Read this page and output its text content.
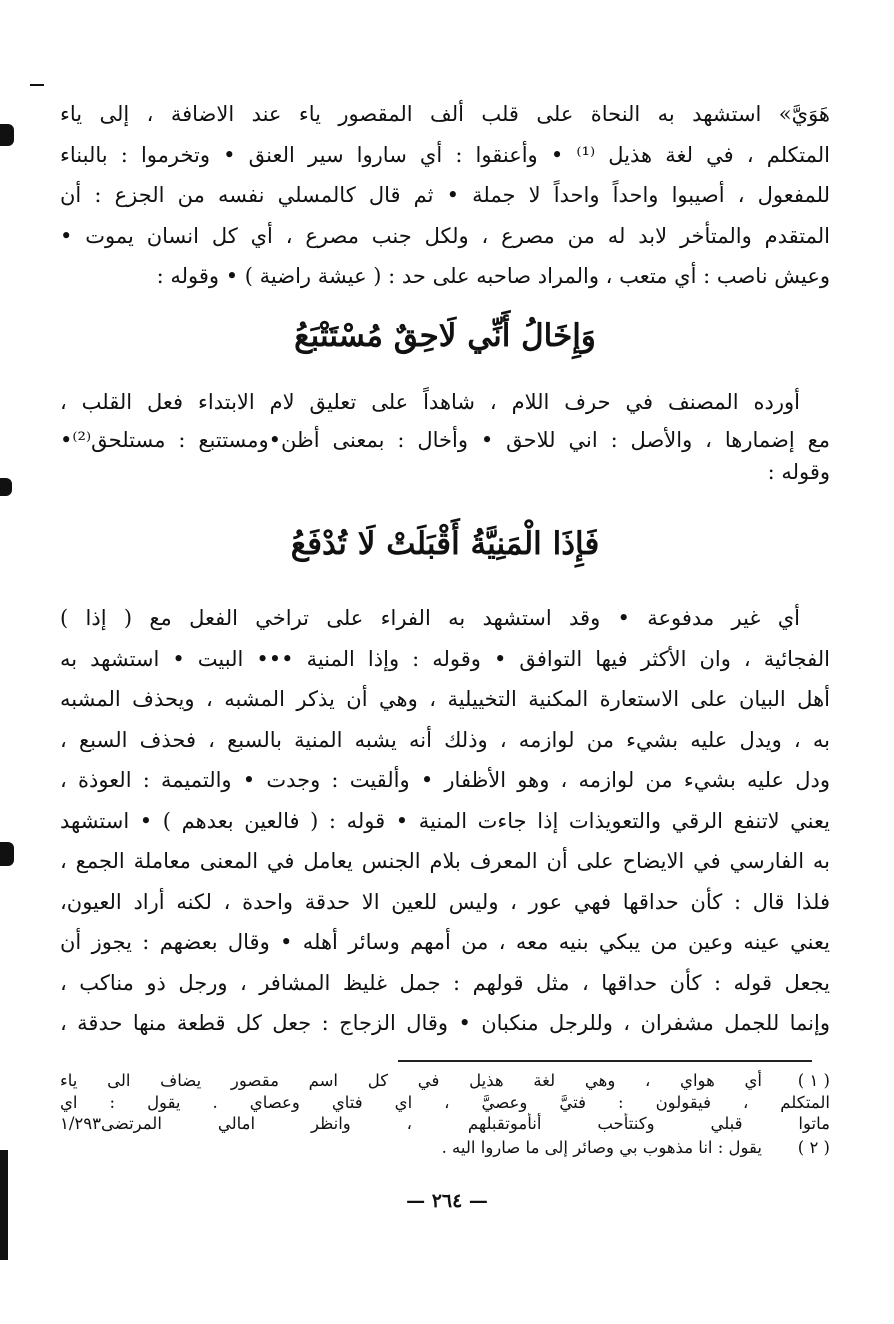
هَوَيَّ» استشهد به النحاة على قلب ألف المقصور ياء عند الاضافة ، إلى ياء
المتكلم ، في لغة هذيل ⁽¹⁾ • وأعنقوا : أي ساروا سير العنق • وتخرموا : بالبناء
للمفعول ، أصيبوا واحداً واحداً لا جملة • ثم قال كالمسلي نفسه من الجزع : أن
المتقدم والمتأخر لابد له من مصرع ، ولكل جنب مصرع ، أي كل انسان يموت •
وعيش ناصب : أي متعب ، والمراد صاحبه على حد : ( عيشة راضية ) • وقوله :
وَإِخَالُ أَنِّي لَاحِقٌ مُسْتَتْبَعُ
أورده المصنف في حرف اللام ، شاهداً على تعليق لام الابتداء فعل القلب ،
مع إضمارها ، والأصل : اني للاحق • وأخال : بمعنى أظن•ومستتبع : مستلحق⁽²⁾•
وقوله :
فَإِذَا الْمَنِيَّةُ أَقْبَلَتْ لَا تُدْفَعُ
أي غير مدفوعة • وقد استشهد به الفراء على تراخي الفعل مع ( إذا )
الفجائية ، وان الأكثر فيها التوافق • وقوله : وإذا المنية ••• البيت • استشهد به
أهل البيان على الاستعارة المكنية التخييلية ، وهي أن يذكر المشبه ، ويحذف المشبه
به ، ويدل عليه بشيء من لوازمه ، وذلك أنه يشبه المنية بالسبع ، فحذف السبع ،
ودل عليه بشيء من لوازمه ، وهو الأظفار • وألقيت : وجدت • والتميمة : العوذة ،
يعني لاتنفع الرقي والتعويذات إذا جاءت المنية • قوله : ( فالعين بعدهم ) • استشهد
به الفارسي في الايضاح على أن المعرف بلام الجنس يعامل في المعنى معاملة الجمع ،
فلذا قال : كأن حداقها فهي عور ، وليس للعين الا حدقة واحدة ، لكنه أراد العيون،
يعني عينه وعين من يبكي بنيه معه ، من أمهم وسائر أهله • وقال بعضهم : يجوز أن
يجعل قوله : كأن حداقها ، مثل قولهم : جمل غليظ المشافر ، ورجل ذو مناكب ،
وإنما للجمل مشفران ، وللرجل منكبان • وقال الزجاج : جعل كل قطعة منها حدقة ،
( ١ )
أي هواي ، وهي لغة هذيل في كل اسم مقصور يضاف الى ياء
المتكلم ، فيقولون : فتيَّ وعصيَّ ، اي فتاي وعصاي . يقول : اي
ماتوا قبلي وكنتأحب أنأموتقبلهم ، وانظر امالي المرتضى١/٢٩٣
( ٢ )
يقول : انا مذهوب بي وصائر إلى ما صاروا اليه .
— ٢٦٤ —
